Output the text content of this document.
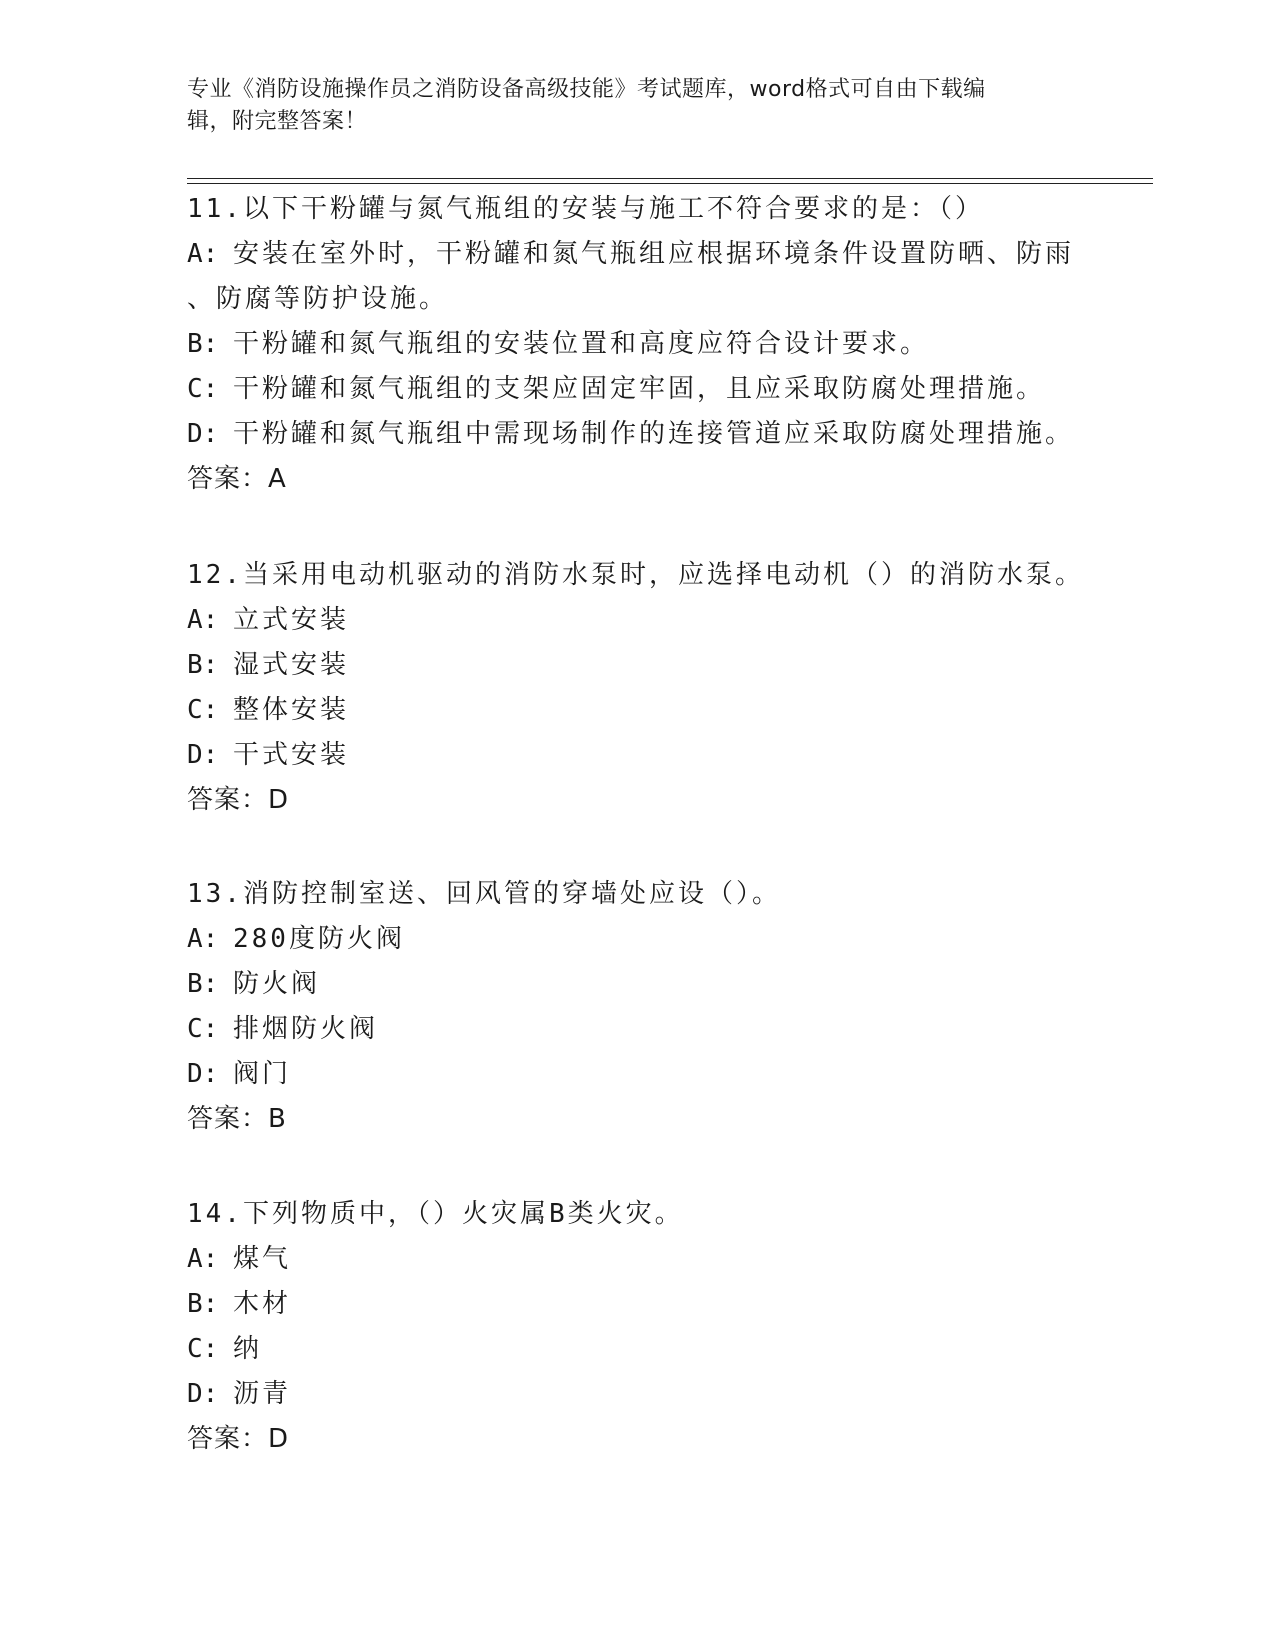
专业《消防设施操作员之消防设备高级技能》考试题库，word格式可自由下载编
辑，附完整答案！

11.以下干粉罐与氮气瓶组的安装与施工不符合要求的是：（）

A: 安装在室外时，干粉罐和氮气瓶组应根据环境条件设置防晒、防雨

、防腐等防护设施。

B: 干粉罐和氮气瓶组的安装位置和高度应符合设计要求。

C: 干粉罐和氮气瓶组的支架应固定牢固，且应采取防腐处理措施。

D: 干粉罐和氮气瓶组中需现场制作的连接管道应采取防腐处理措施。

答案：A

12.当采用电动机驱动的消防水泵时，应选择电动机（）的消防水泵。

A: 立式安装

B: 湿式安装

C: 整体安装

D: 干式安装

答案：D

13.消防控制室送、回风管的穿墙处应设（）。

A: 280度防火阀

B: 防火阀

C: 排烟防火阀

D: 阀门

答案：B

14.下列物质中，（）火灾属B类火灾。

A: 煤气

B: 木材

C: 纳

D: 沥青

答案：D
